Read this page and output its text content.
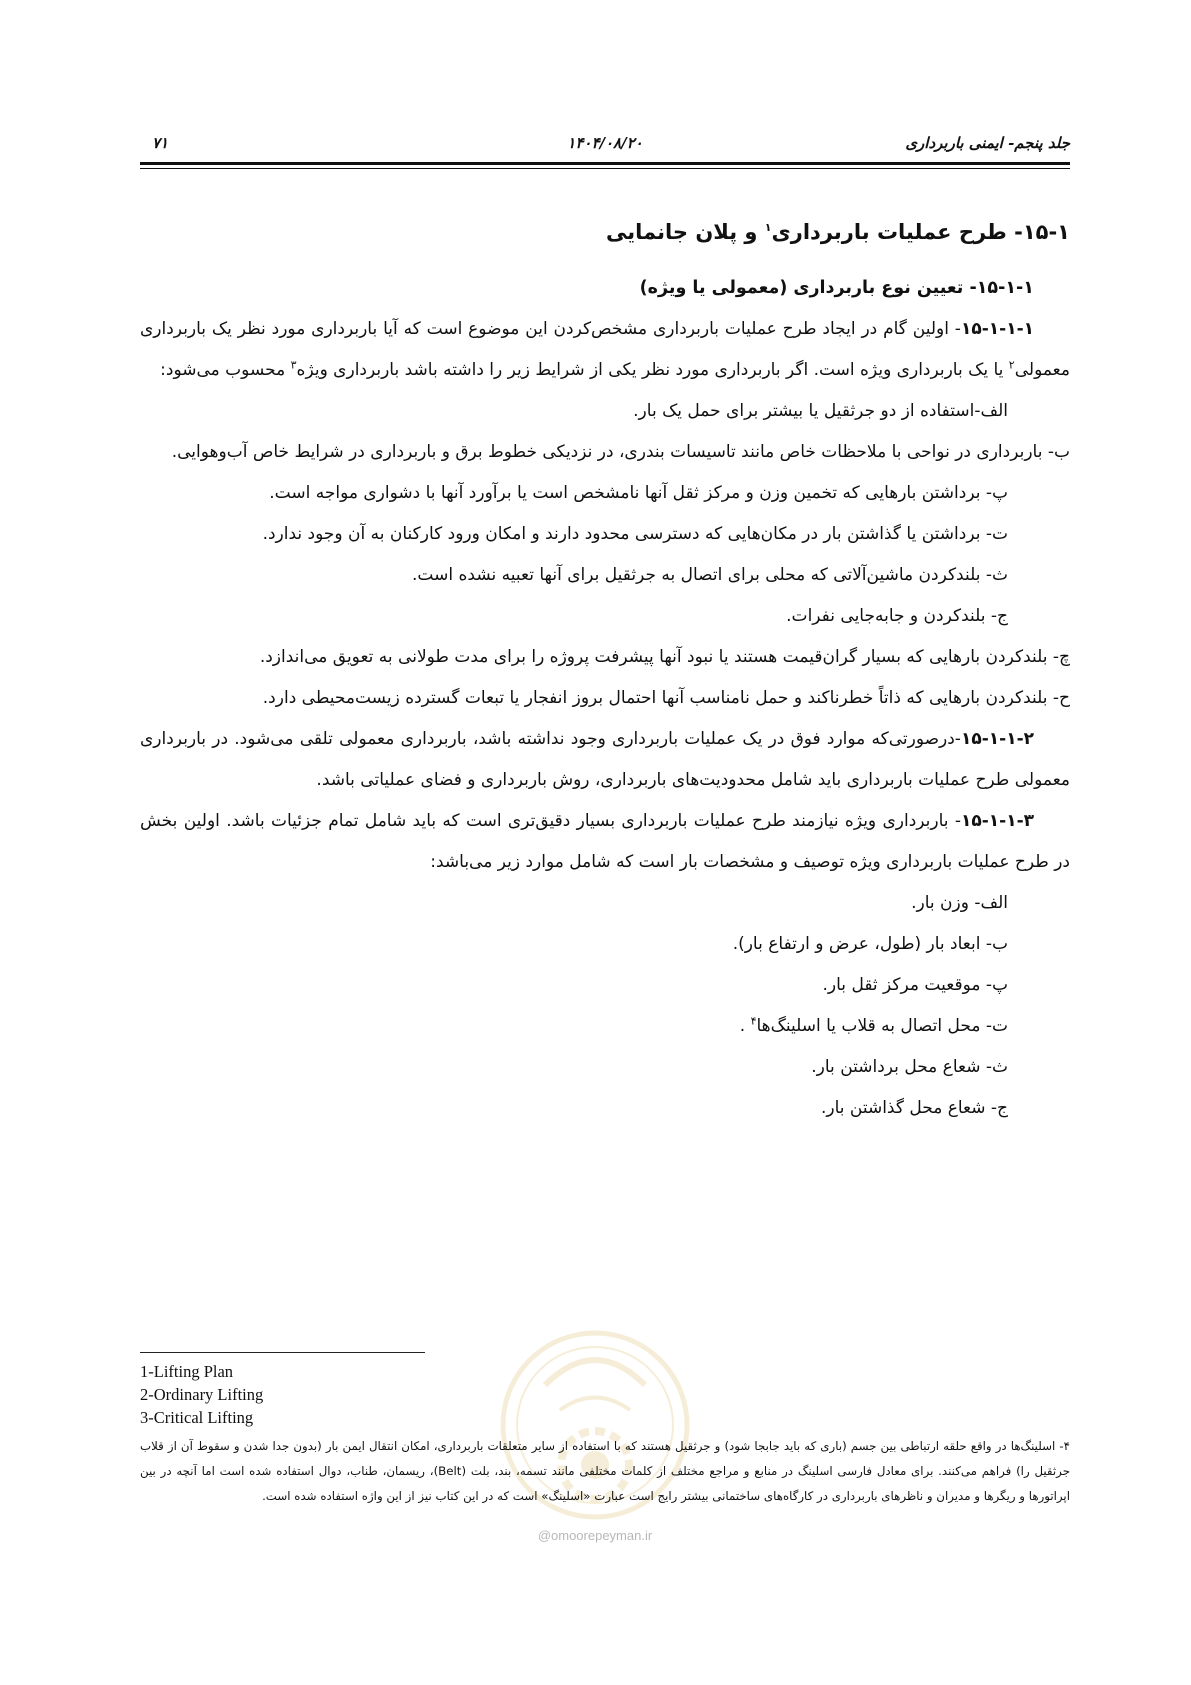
جلد پنجم- ایمنی باربرداری
۱۴۰۴/۰۸/۲۰
۷۱

۱۵-۱- طرح عملیات باربرداری$^۱$ و پلان جانمایی

۱۵-۱-۱- تعیین نوع باربرداری (معمولی یا ویژه)

۱۵-۱-۱-۱- اولین گام در ایجاد طرح عملیات باربرداری مشخص‌کردن این موضوع است که آیا باربرداری مورد نظر یک باربرداری معمولی$^۲$ یا یک باربرداری ویژه است. اگر باربرداری مورد نظر یکی از شرایط زیر را داشته باشد باربرداری ویژه$^۳$ محسوب می‌شود:

الف-استفاده از دو جرثقیل یا بیشتر برای حمل یک بار.

ب- باربرداری در نواحی با ملاحظات خاص مانند تاسیسات بندری، در نزدیکی خطوط برق و باربرداری در شرایط خاص آب‌وهوایی.

پ- برداشتن بارهایی که تخمین وزن و مرکز ثقل آنها نامشخص است یا برآورد آنها با دشواری مواجه است.

ت- برداشتن یا گذاشتن بار در مکان‌هایی که دسترسی محدود دارند و امکان ورود کارکنان به آن وجود ندارد.

ث- بلندکردن ماشین‌آلاتی که محلی برای اتصال به جرثقیل برای آنها تعبیه نشده است.

ج- بلندکردن و جابه‌جایی نفرات.

چ- بلندکردن بارهایی که بسیار گران‌قیمت هستند یا نبود آنها پیشرفت پروژه را برای مدت طولانی به تعویق می‌اندازد.

ح- بلندکردن بارهایی که ذاتاً خطرناکند و حمل نامناسب آنها احتمال بروز انفجار یا تبعات گسترده زیست‌محیطی دارد.

۱۵-۱-۱-۲-درصورتی‌که موارد فوق در یک عملیات باربرداری وجود نداشته باشد، باربرداری معمولی تلقی می‌شود. در باربرداری معمولی طرح عملیات باربرداری باید شامل محدودیت‌های باربرداری، روش باربرداری و فضای عملیاتی باشد.

۱۵-۱-۱-۳- باربرداری ویژه نیازمند طرح عملیات باربرداری بسیار دقیق‌تری است که باید شامل تمام جزئیات باشد. اولین بخش در طرح عملیات باربرداری ویژه توصیف و مشخصات بار است که شامل موارد زیر می‌باشد:

الف- وزن بار.

ب- ابعاد بار (طول، عرض و ارتفاع بار).

پ- موقعیت مرکز ثقل بار.

ت- محل اتصال به قلاب یا اسلینگ‌ها$^۴$ .

ث- شعاع محل برداشتن بار.

ج- شعاع محل گذاشتن بار.

@omoorepeyman.ir
1-Lifting Plan
2-Ordinary Lifting
3-Critical Lifting

۴- اسلینگ‌ها در واقع حلقه ارتباطی بین جسم (باری که باید جابجا شود) و جرثقیل هستند که با استفاده از سایر متعلقات باربرداری، امکان انتقال ایمن بار (بدون جدا شدن و سقوط آن از قلاب جرثقیل را) فراهم می‌کنند. برای معادل فارسی اسلینگ در منابع و مراجع مختلف از کلمات مختلفی مانند تسمه، بند، بلت (Belt)، ریسمان، طناب، دوال استفاده شده است اما آنچه در بین اپراتورها و ریگرها و مدیران و ناظرهای باربرداری در کارگاه‌های ساختمانی بیشتر رایج است عبارت «اسلینگ» است که در این کتاب نیز از این واژه استفاده شده است.
